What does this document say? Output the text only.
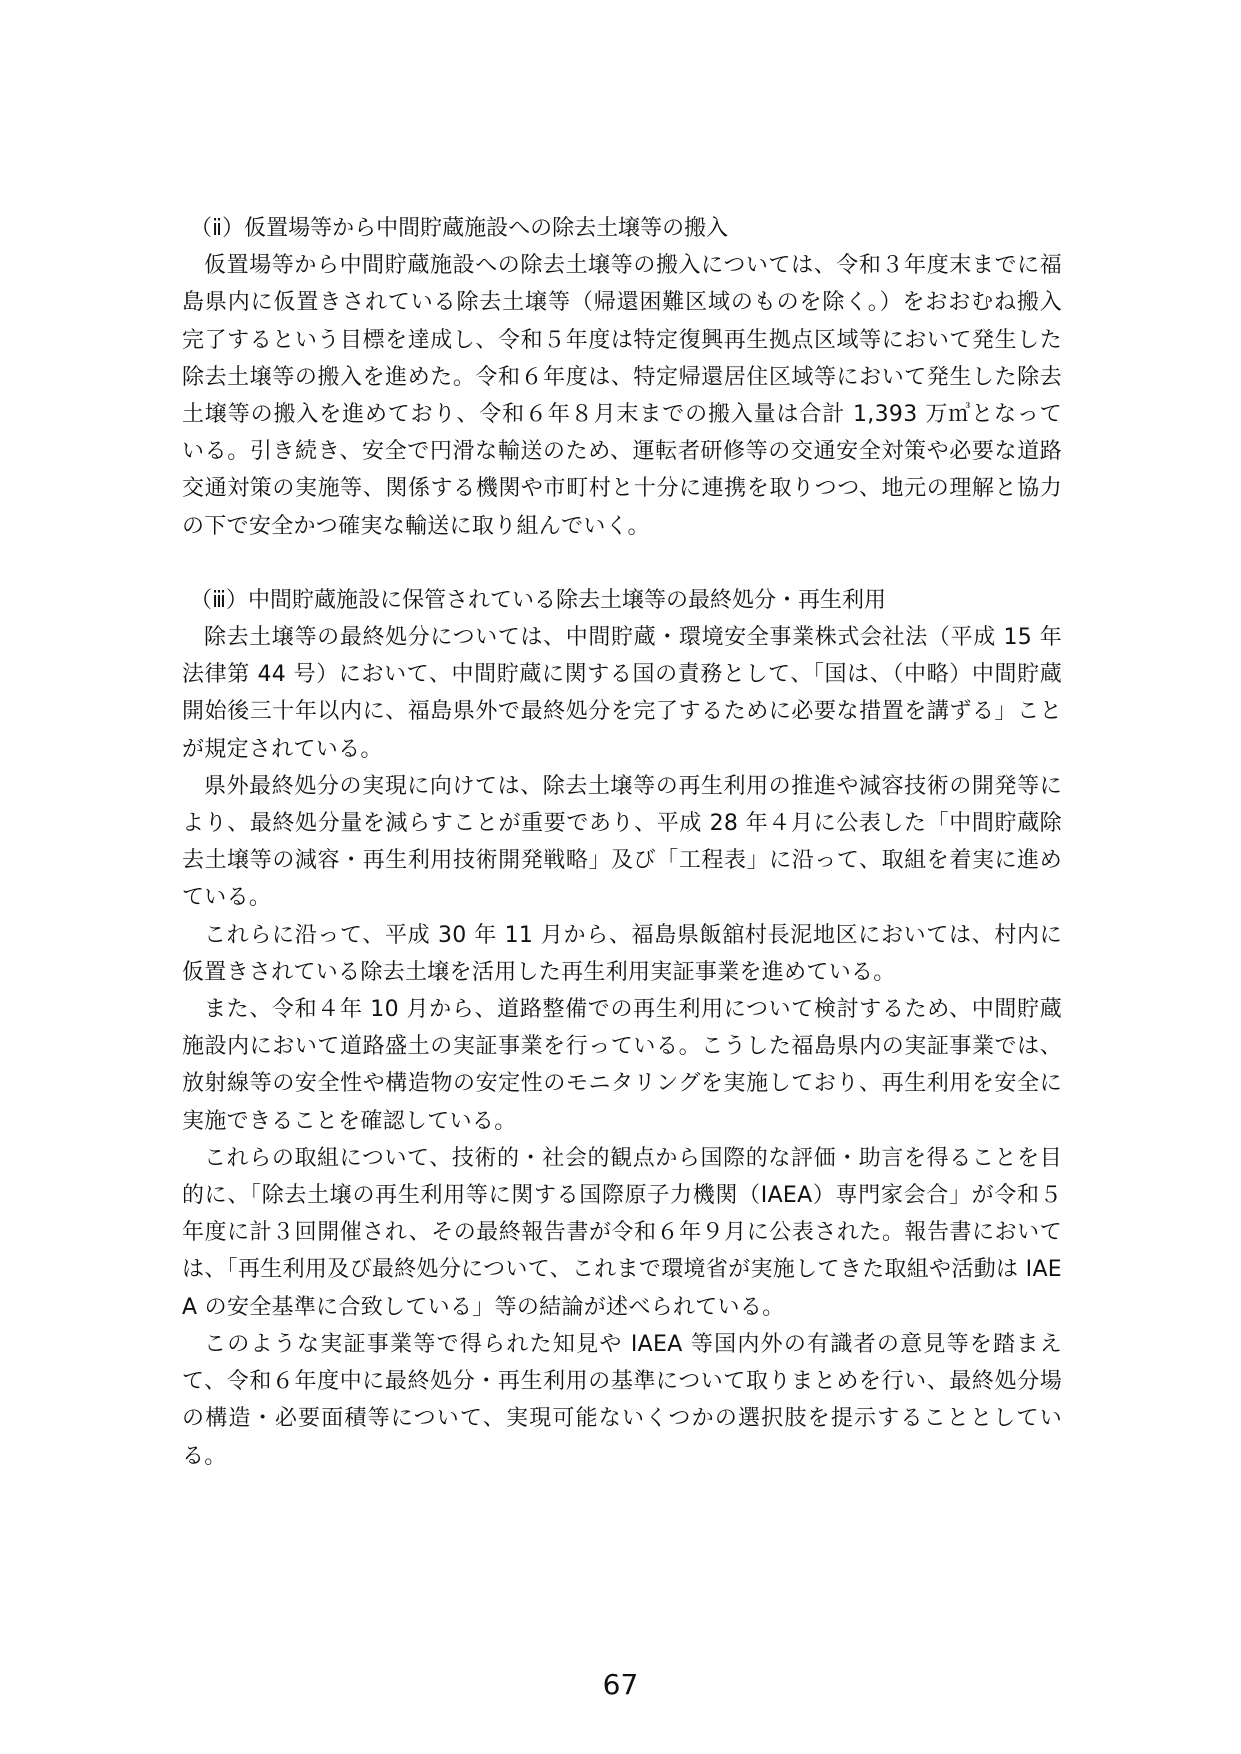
（ⅱ）仮置場等から中間貯蔵施設への除去土壌等の搬入

仮置場等から中間貯蔵施設への除去土壌等の搬入については、令和３年度末までに福島県内に仮置きされている除去土壌等（帰還困難区域のものを除く。）をおおむね搬入完了するという目標を達成し、令和５年度は特定復興再生拠点区域等において発生した除去土壌等の搬入を進めた。令和６年度は、特定帰還居住区域等において発生した除去土壌等の搬入を進めており、令和６年８月末までの搬入量は合計 1,393 万㎥となっている。引き続き、安全で円滑な輸送のため、運転者研修等の交通安全対策や必要な道路交通対策の実施等、関係する機関や市町村と十分に連携を取りつつ、地元の理解と協力の下で安全かつ確実な輸送に取り組んでいく。

（ⅲ）中間貯蔵施設に保管されている除去土壌等の最終処分・再生利用

除去土壌等の最終処分については、中間貯蔵・環境安全事業株式会社法（平成 15 年法律第 44 号）において、中間貯蔵に関する国の責務として、「国は、（中略）中間貯蔵開始後三十年以内に、福島県外で最終処分を完了するために必要な措置を講ずる」ことが規定されている。

県外最終処分の実現に向けては、除去土壌等の再生利用の推進や減容技術の開発等により、最終処分量を減らすことが重要であり、平成 28 年４月に公表した「中間貯蔵除去土壌等の減容・再生利用技術開発戦略」及び「工程表」に沿って、取組を着実に進めている。

これらに沿って、平成 30 年 11 月から、福島県飯舘村長泥地区においては、村内に仮置きされている除去土壌を活用した再生利用実証事業を進めている。

また、令和４年 10 月から、道路整備での再生利用について検討するため、中間貯蔵施設内において道路盛土の実証事業を行っている。こうした福島県内の実証事業では、放射線等の安全性や構造物の安定性のモニタリングを実施しており、再生利用を安全に実施できることを確認している。

これらの取組について、技術的・社会的観点から国際的な評価・助言を得ることを目的に、「除去土壌の再生利用等に関する国際原子力機関（IAEA）専門家会合」が令和５年度に計３回開催され、その最終報告書が令和６年９月に公表された。報告書においては、「再生利用及び最終処分について、これまで環境省が実施してきた取組や活動は IAEA の安全基準に合致している」等の結論が述べられている。

このような実証事業等で得られた知見や IAEA 等国内外の有識者の意見等を踏まえて、令和６年度中に最終処分・再生利用の基準について取りまとめを行い、最終処分場の構造・必要面積等について、実現可能ないくつかの選択肢を提示することとしている。

67
